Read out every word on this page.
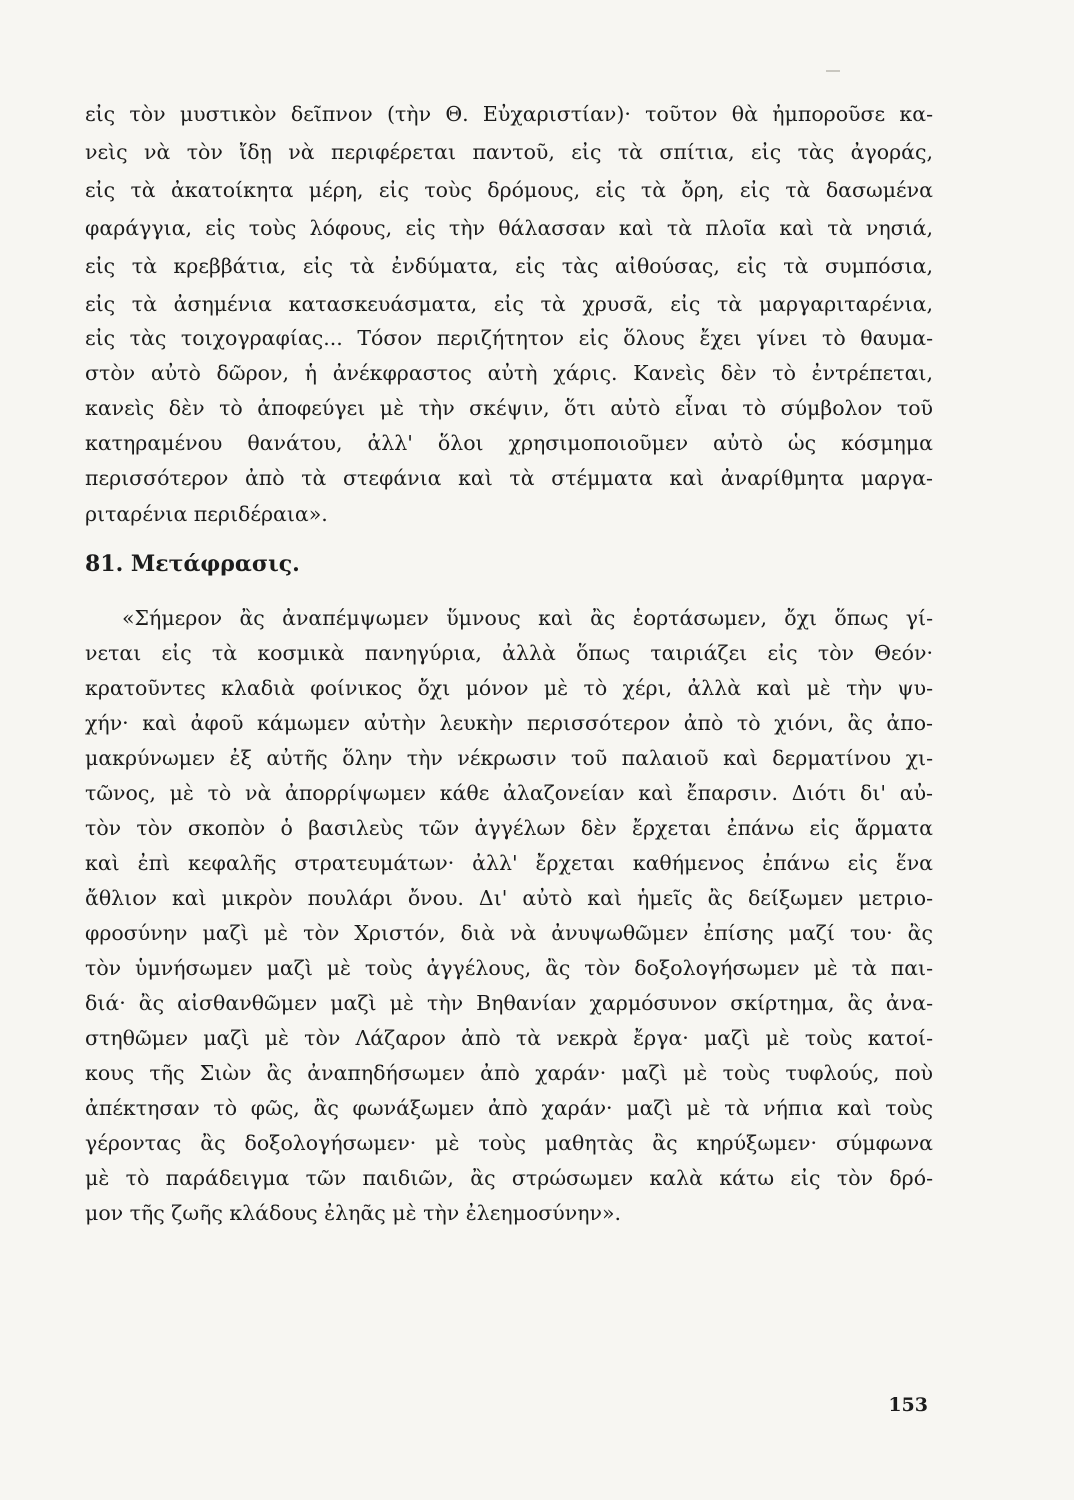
εἰς τὸν μυστικὸν δεῖπνον (τὴν Θ. Εὐχαριστίαν)· τοῦτον θὰ ἠμποροῦσε κα-
νεὶς νὰ τὸν ἴδῃ νὰ περιφέρεται παντοῦ, εἰς τὰ σπίτια, εἰς τὰς ἀγοράς,
εἰς τὰ ἀκατοίκητα μέρη, εἰς τοὺς δρόμους, εἰς τὰ ὄρη, εἰς τὰ δασωμένα
φαράγγια, εἰς τοὺς λόφους, εἰς τὴν θάλασσαν καὶ τὰ πλοῖα καὶ τὰ νησιά,
εἰς τὰ κρεββάτια, εἰς τὰ ἐνδύματα, εἰς τὰς αἰθούσας, εἰς τὰ συμπόσια,
εἰς τὰ ἀσημένια κατασκευάσματα, εἰς τὰ χρυσᾶ, εἰς τὰ μαργαριταρένια,
εἰς τὰς τοιχογραφίας... Τόσον περιζήτητον εἰς ὅλους ἔχει γίνει τὸ θαυμα-
στὸν αὐτὸ δῶρον, ἡ ἀνέκφραστος αὐτὴ χάρις. Κανεὶς δὲν τὸ ἐντρέπεται,
κανεὶς δὲν τὸ ἀποφεύγει μὲ τὴν σκέψιν, ὅτι αὐτὸ εἶναι τὸ σύμβολον τοῦ
κατηραμένου θανάτου, ἀλλ' ὅλοι χρησιμοποιοῦμεν αὐτὸ ὡς κόσμημα
περισσότερον ἀπὸ τὰ στεφάνια καὶ τὰ στέμματα καὶ ἀναρίθμητα μαργα-
ριταρένια περιδέραια».
81. Μετάφρασις.
«Σήμερον ἂς ἀναπέμψωμεν ὕμνους καὶ ἂς ἑορτάσωμεν, ὄχι ὅπως γί-
νεται εἰς τὰ κοσμικὰ πανηγύρια, ἀλλὰ ὅπως ταιριάζει εἰς τὸν Θεόν·
κρατοῦντες κλαδιὰ φοίνικος ὄχι μόνον μὲ τὸ χέρι, ἀλλὰ καὶ μὲ τὴν ψυ-
χήν· καὶ ἀφοῦ κάμωμεν αὐτὴν λευκὴν περισσότερον ἀπὸ τὸ χιόνι, ἂς ἀπο-
μακρύνωμεν ἐξ αὐτῆς ὅλην τὴν νέκρωσιν τοῦ παλαιοῦ καὶ δερματίνου χι-
τῶνος, μὲ τὸ νὰ ἀπορρίψωμεν κάθε ἀλαζονείαν καὶ ἔπαρσιν. Διότι δι' αὐ-
τὸν τὸν σκοπὸν ὁ βασιλεὺς τῶν ἀγγέλων δὲν ἔρχεται ἐπάνω εἰς ἅρματα
καὶ ἐπὶ κεφαλῆς στρατευμάτων· ἀλλ' ἔρχεται καθήμενος ἐπάνω εἰς ἕνα
ἄθλιον καὶ μικρὸν πουλάρι ὄνου. Δι' αὐτὸ καὶ ἡμεῖς ἂς δείξωμεν μετριο-
φροσύνην μαζὶ μὲ τὸν Χριστόν, διὰ νὰ ἀνυψωθῶμεν ἐπίσης μαζί του· ἂς
τὸν ὑμνήσωμεν μαζὶ μὲ τοὺς ἀγγέλους, ἂς τὸν δοξολογήσωμεν μὲ τὰ παι-
διά· ἂς αἰσθανθῶμεν μαζὶ μὲ τὴν Βηθανίαν χαρμόσυνον σκίρτημα, ἂς ἀνα-
στηθῶμεν μαζὶ μὲ τὸν Λάζαρον ἀπὸ τὰ νεκρὰ ἔργα· μαζὶ μὲ τοὺς κατοί-
κους τῆς Σιὼν ἂς ἀναπηδήσωμεν ἀπὸ χαράν· μαζὶ μὲ τοὺς τυφλούς, ποὺ
ἀπέκτησαν τὸ φῶς, ἂς φωνάξωμεν ἀπὸ χαράν· μαζὶ μὲ τὰ νήπια καὶ τοὺς
γέροντας ἂς δοξολογήσωμεν· μὲ τοὺς μαθητὰς ἂς κηρύξωμεν· σύμφωνα
μὲ τὸ παράδειγμα τῶν παιδιῶν, ἂς στρώσωμεν καλὰ κάτω εἰς τὸν δρό-
μον τῆς ζωῆς κλάδους ἐληᾶς μὲ τὴν ἐλεημοσύνην».
153
